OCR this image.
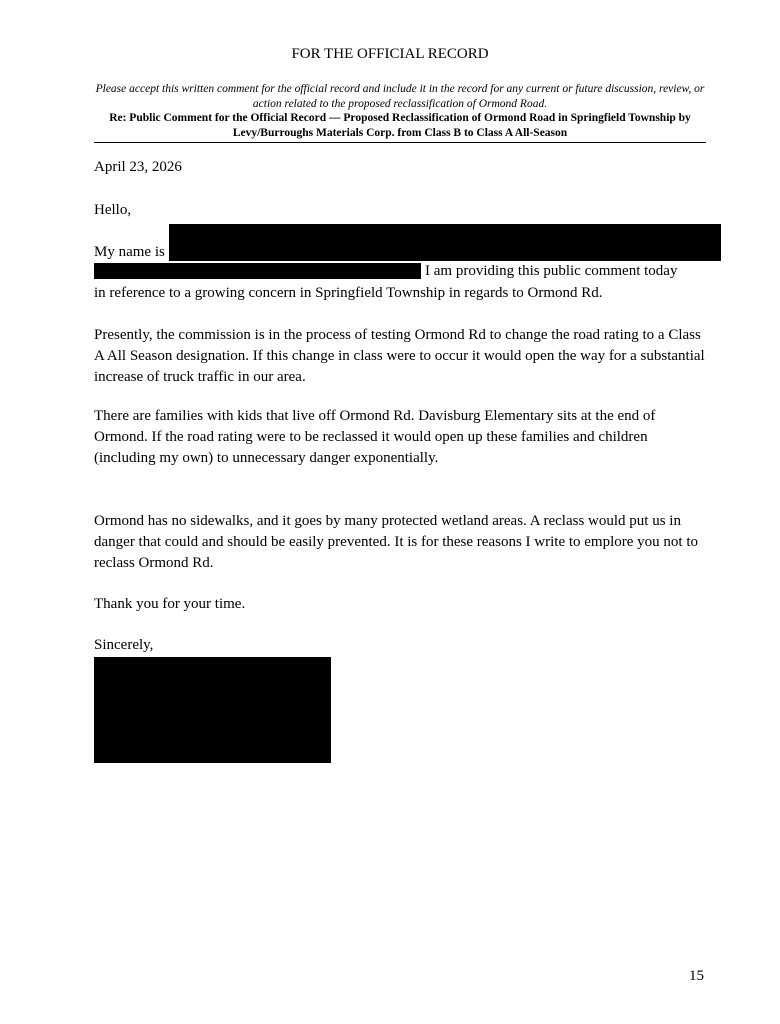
FOR THE OFFICIAL RECORD
Please accept this written comment for the official record and include it in the record for any current or future discussion, review, or action related to the proposed reclassification of Ormond Road.
Re: Public Comment for the Official Record — Proposed Reclassification of Ormond Road in Springfield Township by Levy/Burroughs Materials Corp. from Class B to Class A All-Season
April 23, 2026
Hello,
My name is
I am providing this public comment today
in reference to a growing concern in Springfield Township in regards to Ormond Rd.

Presently, the commission is in the process of testing Ormond Rd to change the road rating to a Class A All Season designation. If this change in class were to occur it would open the way for a substantial increase of truck traffic in our area.

There are families with kids that live off Ormond Rd. Davisburg Elementary sits at the end of Ormond. If the road rating were to be reclassed it would open up these families and children (including my own) to unnecessary danger exponentially.

Ormond has no sidewalks, and it goes by many protected wetland areas. A reclass would put us in danger that could and should be easily prevented. It is for these reasons I write to emplore you not to reclass Ormond Rd.

Thank you for your time.
Sincerely,
15
